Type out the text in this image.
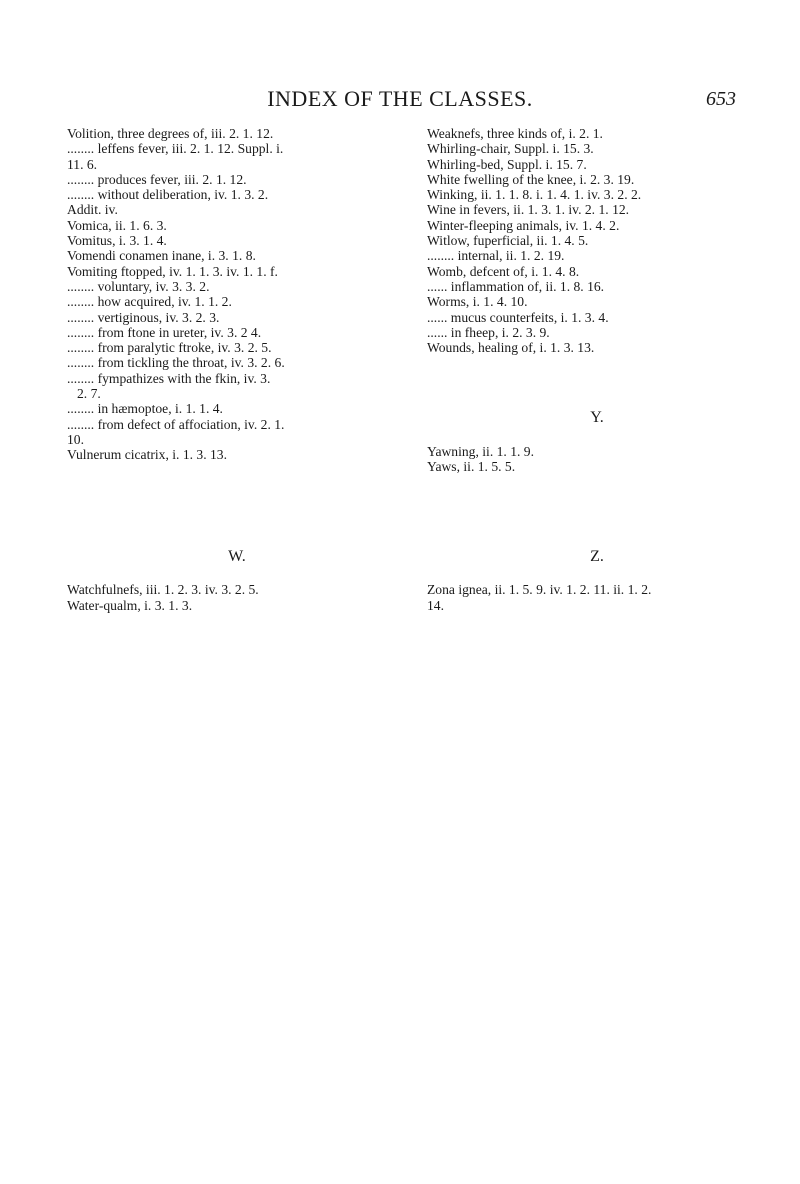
INDEX OF THE CLASSES.	653
Volition, three degrees of, iii. 2. 1. 12.
........ leffens fever, iii. 2. 1. 12. Suppl. i.
11. 6.
........ produces fever, iii. 2. 1. 12.
........ without deliberation, iv. 1. 3. 2.
Addit. iv.
Vomica, ii. 1. 6. 3.
Vomitus, i. 3. 1. 4.
Vomendi conamen inane, i. 3. 1. 8.
Vomiting ftopped, iv. 1. 1. 3. iv. 1. 1. f.
........ voluntary, iv. 3. 3. 2.
........ how acquired, iv. 1. 1. 2.
........ vertiginous, iv. 3. 2. 3.
........ from ftone in ureter, iv. 3. 2 4.
........ from paralytic ftroke, iv. 3. 2. 5.
........ from tickling the throat, iv. 3. 2. 6.
........ fympathizes with the fkin, iv. 3.
2. 7.
........ in hæmoptoe, i. 1. 1. 4.
........ from defect of affociation, iv. 2. 1.
10.
Vulnerum cicatrix, i. 1. 3. 13.
Weaknefs, three kinds of, i. 2. 1.
Whirling-chair, Suppl. i. 15. 3.
Whirling-bed, Suppl. i. 15. 7.
White fwelling of the knee, i. 2. 3. 19.
Winking, ii. 1. 1. 8. i. 1. 4. 1. iv. 3. 2. 2.
Wine in fevers, ii. 1. 3. 1. iv. 2. 1. 12.
Winter-fleeping animals, iv. 1. 4. 2.
Witlow, fuperficial, ii. 1. 4. 5.
........ internal, ii. 1. 2. 19.
Womb, defcent of, i. 1. 4. 8.
...... inflammation of, ii. 1. 8. 16.
Worms, i. 1. 4. 10.
...... mucus counterfeits, i. 1. 3. 4.
...... in fheep, i. 2. 3. 9.
Wounds, healing of, i. 1. 3. 13.
Y.
Yawning, ii. 1. 1. 9.
Yaws, ii. 1. 5. 5.
W.
Watchfulnefs, iii. 1. 2. 3. iv. 3. 2. 5.
Water-qualm, i. 3. 1. 3.
Z.
Zona ignea, ii. 1. 5. 9. iv. 1. 2. 11. ii. 1. 2.
14.
